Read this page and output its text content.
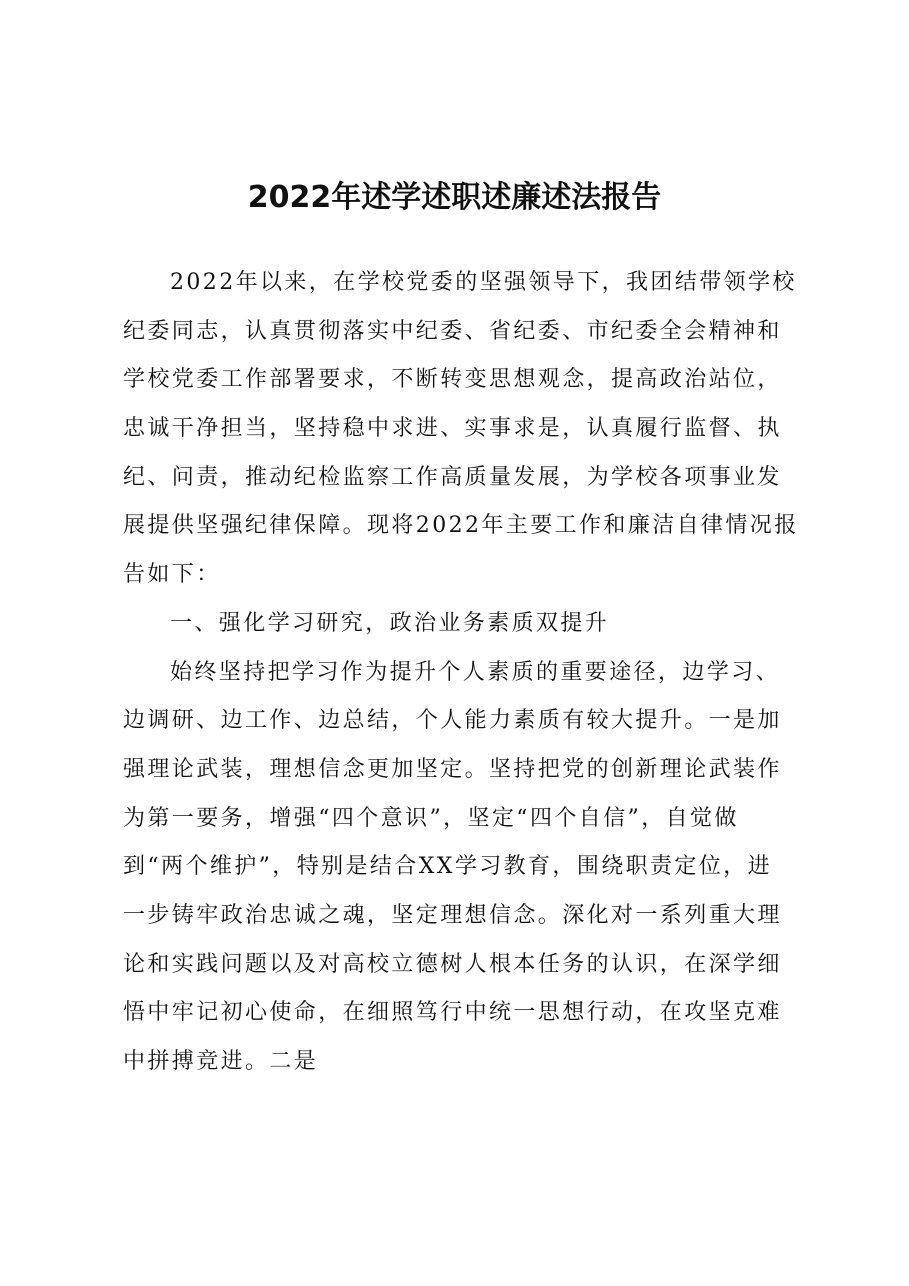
2022年述学述职述廉述法报告
2022年以来，在学校党委的坚强领导下，我团结带领学校
纪委同志，认真贯彻落实中纪委、省纪委、市纪委全会精神和
学校党委工作部署要求，不断转变思想观念，提高政治站位，
忠诚干净担当，坚持稳中求进、实事求是，认真履行监督、执
纪、问责，推动纪检监察工作高质量发展，为学校各项事业发
展提供坚强纪律保障。现将2022年主要工作和廉洁自律情况报
告如下：
一、强化学习研究，政治业务素质双提升
始终坚持把学习作为提升个人素质的重要途径，边学习、
边调研、边工作、边总结，个人能力素质有较大提升。一是加
强理论武装，理想信念更加坚定。坚持把党的创新理论武装作
为第一要务，增强“四个意识”，坚定“四个自信”，自觉做
到“两个维护”，特别是结合XX学习教育，围绕职责定位，进
一步铸牢政治忠诚之魂，坚定理想信念。深化对一系列重大理
论和实践问题以及对高校立德树人根本任务的认识，在深学细
悟中牢记初心使命，在细照笃行中统一思想行动，在攻坚克难
中拼搏竞进。二是
